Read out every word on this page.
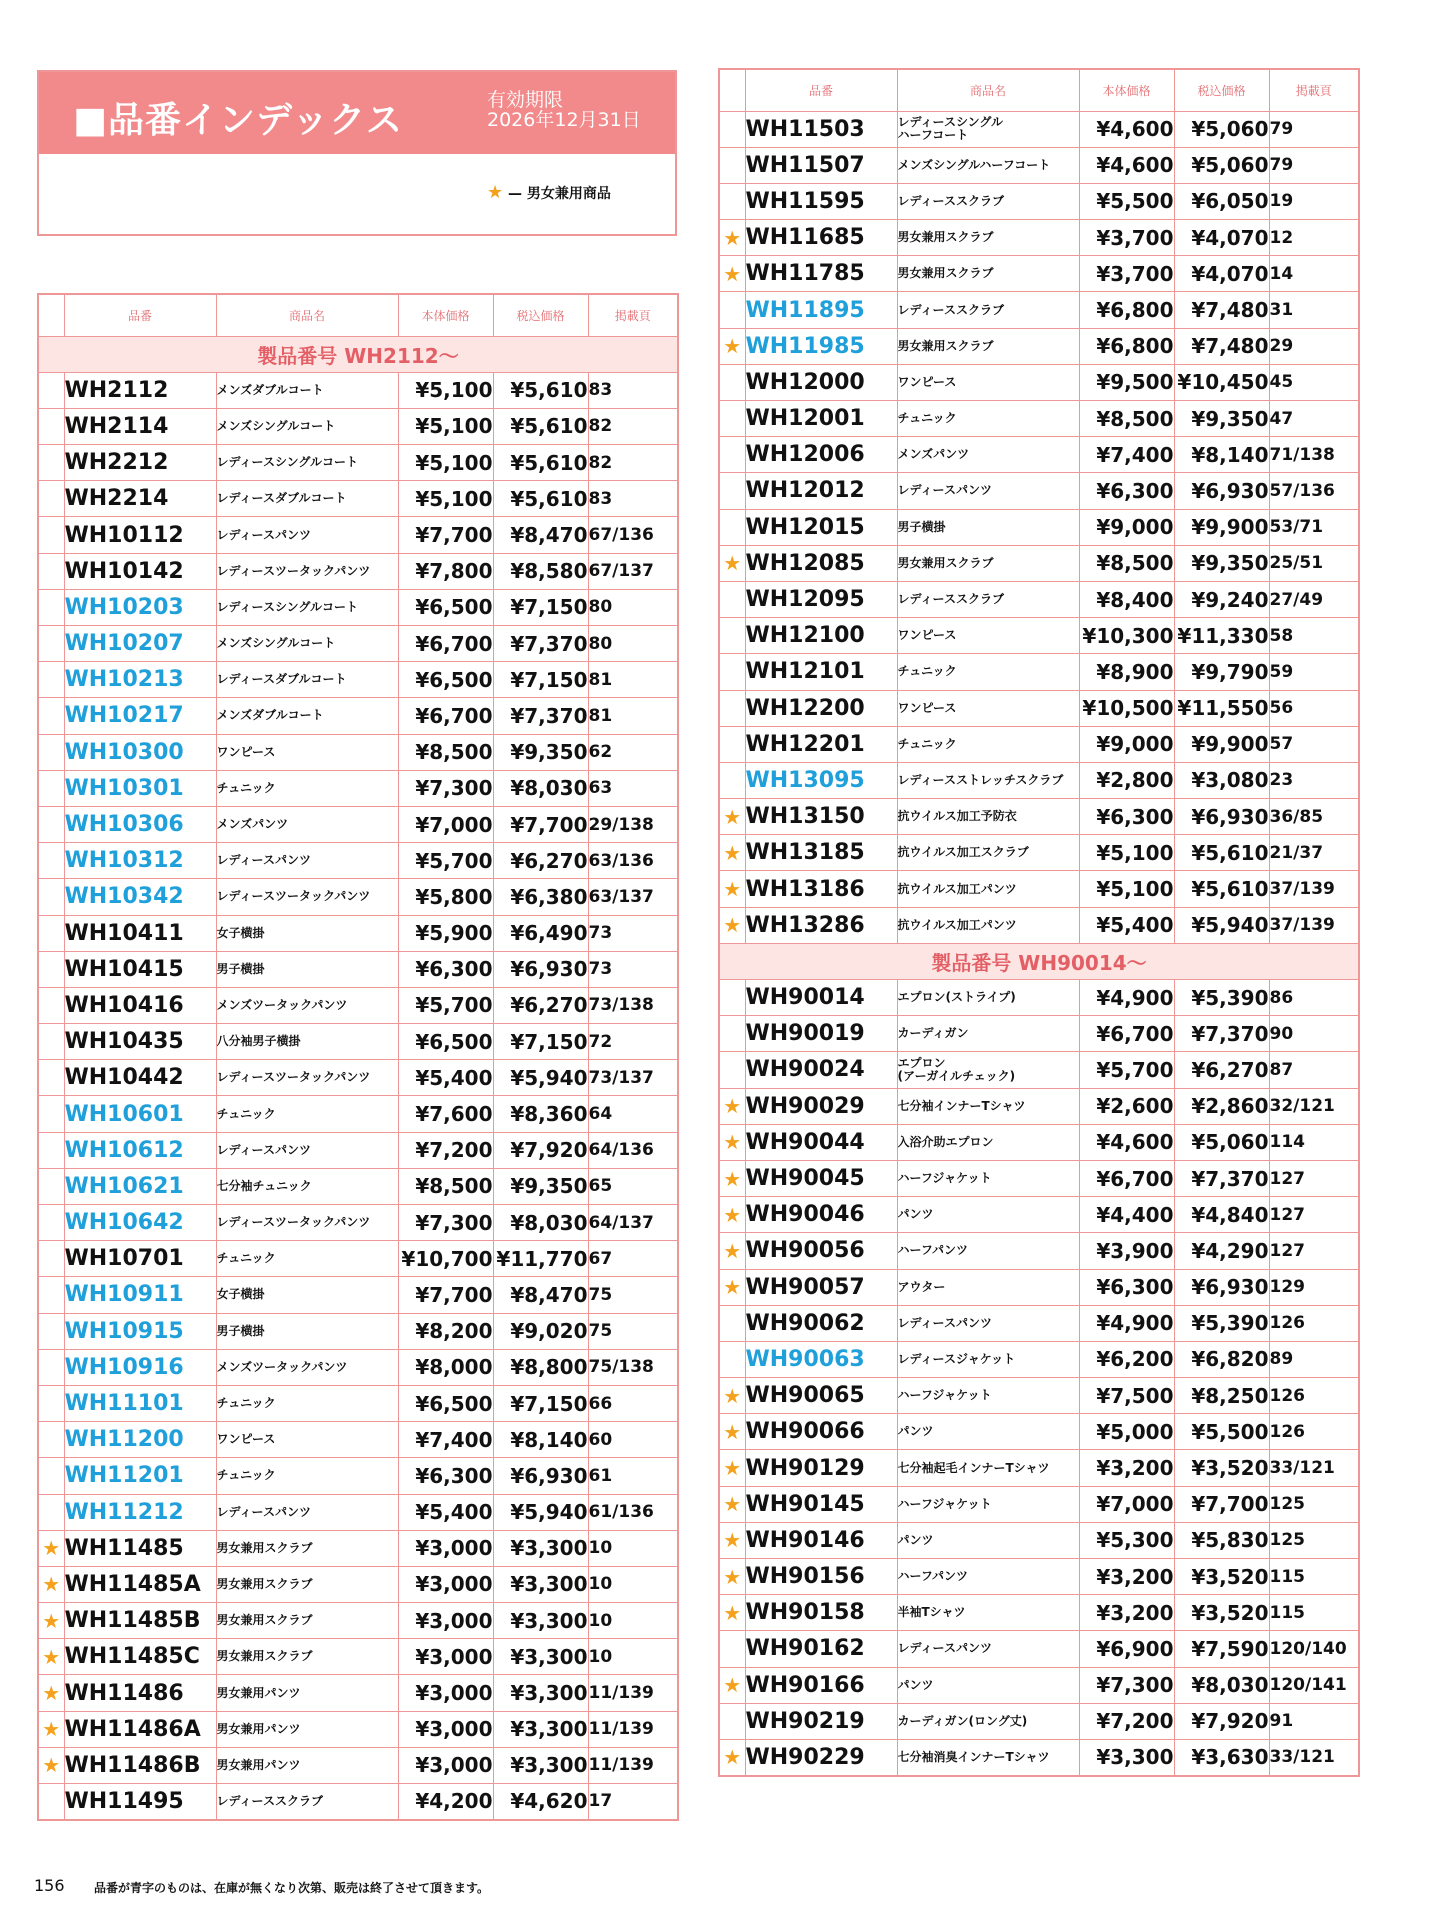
■品番インデックス	有効期限
2026年12月31日
★ — 男女兼用商品
	品番	商品名	本体価格	税込価格	掲載頁
製品番号 WH2112〜					
	WH2112	メンズダブルコート	¥5,100	¥5,610	83
	WH2114	メンズシングルコート	¥5,100	¥5,610	82
	WH2212	レディースシングルコート	¥5,100	¥5,610	82
	WH2214	レディースダブルコート	¥5,100	¥5,610	83
	WH10112	レディースパンツ	¥7,700	¥8,470	67/136
	WH10142	レディースツータックパンツ	¥7,800	¥8,580	67/137
	WH10203	レディースシングルコート	¥6,500	¥7,150	80
	WH10207	メンズシングルコート	¥6,700	¥7,370	80
	WH10213	レディースダブルコート	¥6,500	¥7,150	81
	WH10217	メンズダブルコート	¥6,700	¥7,370	81
	WH10300	ワンピース	¥8,500	¥9,350	62
	WH10301	チュニック	¥7,300	¥8,030	63
	WH10306	メンズパンツ	¥7,000	¥7,700	29/138
	WH10312	レディースパンツ	¥5,700	¥6,270	63/136
	WH10342	レディースツータックパンツ	¥5,800	¥6,380	63/137
	WH10411	女子横掛	¥5,900	¥6,490	73
	WH10415	男子横掛	¥6,300	¥6,930	73
	WH10416	メンズツータックパンツ	¥5,700	¥6,270	73/138
	WH10435	八分袖男子横掛	¥6,500	¥7,150	72
	WH10442	レディースツータックパンツ	¥5,400	¥5,940	73/137
	WH10601	チュニック	¥7,600	¥8,360	64
	WH10612	レディースパンツ	¥7,200	¥7,920	64/136
	WH10621	七分袖チュニック	¥8,500	¥9,350	65
	WH10642	レディースツータックパンツ	¥7,300	¥8,030	64/137
	WH10701	チュニック	¥10,700	¥11,770	67
	WH10911	女子横掛	¥7,700	¥8,470	75
	WH10915	男子横掛	¥8,200	¥9,020	75
	WH10916	メンズツータックパンツ	¥8,000	¥8,800	75/138
	WH11101	チュニック	¥6,500	¥7,150	66
	WH11200	ワンピース	¥7,400	¥8,140	60
	WH11201	チュニック	¥6,300	¥6,930	61
	WH11212	レディースパンツ	¥5,400	¥5,940	61/136
★	WH11485	男女兼用スクラブ	¥3,000	¥3,300	10
★	WH11485A	男女兼用スクラブ	¥3,000	¥3,300	10
★	WH11485B	男女兼用スクラブ	¥3,000	¥3,300	10
★	WH11485C	男女兼用スクラブ	¥3,000	¥3,300	10
★	WH11486	男女兼用パンツ	¥3,000	¥3,300	11/139
★	WH11486A	男女兼用パンツ	¥3,000	¥3,300	11/139
★	WH11486B	男女兼用パンツ	¥3,000	¥3,300	11/139
	WH11495	レディーススクラブ	¥4,200	¥4,620	17
	品番	商品名	本体価格	税込価格	掲載頁
	WH11503	レディースシングル
ハーフコート	¥4,600	¥5,060	79
	WH11507	メンズシングルハーフコート	¥4,600	¥5,060	79
	WH11595	レディーススクラブ	¥5,500	¥6,050	19
★	WH11685	男女兼用スクラブ	¥3,700	¥4,070	12
★	WH11785	男女兼用スクラブ	¥3,700	¥4,070	14
	WH11895	レディーススクラブ	¥6,800	¥7,480	31
★	WH11985	男女兼用スクラブ	¥6,800	¥7,480	29
	WH12000	ワンピース	¥9,500	¥10,450	45
	WH12001	チュニック	¥8,500	¥9,350	47
	WH12006	メンズパンツ	¥7,400	¥8,140	71/138
	WH12012	レディースパンツ	¥6,300	¥6,930	57/136
	WH12015	男子横掛	¥9,000	¥9,900	53/71
★	WH12085	男女兼用スクラブ	¥8,500	¥9,350	25/51
	WH12095	レディーススクラブ	¥8,400	¥9,240	27/49
	WH12100	ワンピース	¥10,300	¥11,330	58
	WH12101	チュニック	¥8,900	¥9,790	59
	WH12200	ワンピース	¥10,500	¥11,550	56
	WH12201	チュニック	¥9,000	¥9,900	57
	WH13095	レディースストレッチスクラブ	¥2,800	¥3,080	23
★	WH13150	抗ウイルス加工予防衣	¥6,300	¥6,930	36/85
★	WH13185	抗ウイルス加工スクラブ	¥5,100	¥5,610	21/37
★	WH13186	抗ウイルス加工パンツ	¥5,100	¥5,610	37/139
★	WH13286	抗ウイルス加工パンツ	¥5,400	¥5,940	37/139
製品番号 WH90014〜					
	WH90014	エプロン(ストライプ)	¥4,900	¥5,390	86
	WH90019	カーディガン	¥6,700	¥7,370	90
	WH90024	エプロン
(アーガイルチェック)	¥5,700	¥6,270	87
★	WH90029	七分袖インナーTシャツ	¥2,600	¥2,860	32/121
★	WH90044	入浴介助エプロン	¥4,600	¥5,060	114
★	WH90045	ハーフジャケット	¥6,700	¥7,370	127
★	WH90046	パンツ	¥4,400	¥4,840	127
★	WH90056	ハーフパンツ	¥3,900	¥4,290	127
★	WH90057	アウター	¥6,300	¥6,930	129
	WH90062	レディースパンツ	¥4,900	¥5,390	126
	WH90063	レディースジャケット	¥6,200	¥6,820	89
★	WH90065	ハーフジャケット	¥7,500	¥8,250	126
★	WH90066	パンツ	¥5,000	¥5,500	126
★	WH90129	七分袖起毛インナーTシャツ	¥3,200	¥3,520	33/121
★	WH90145	ハーフジャケット	¥7,000	¥7,700	125
★	WH90146	パンツ	¥5,300	¥5,830	125
★	WH90156	ハーフパンツ	¥3,200	¥3,520	115
★	WH90158	半袖Tシャツ	¥3,200	¥3,520	115
	WH90162	レディースパンツ	¥6,900	¥7,590	120/140
★	WH90166	パンツ	¥7,300	¥8,030	120/141
	WH90219	カーディガン(ロング丈)	¥7,200	¥7,920	91
★	WH90229	七分袖消臭インナーTシャツ	¥3,300	¥3,630	33/121
156 品番が青字のものは、在庫が無くなり次第、販売は終了させて頂きます。
